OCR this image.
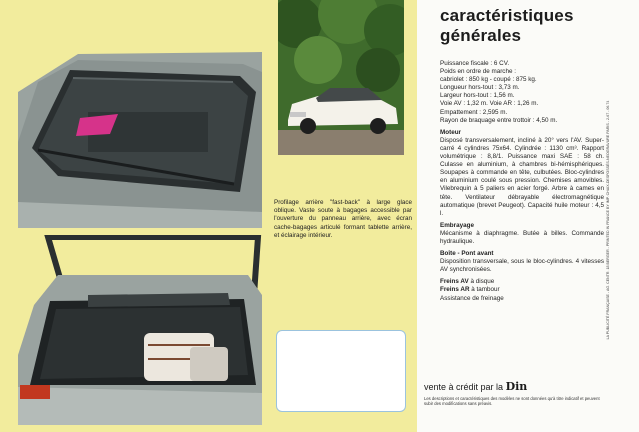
Profilage arrière "fast-back" à large glace oblique. Vaste soute à bagages accessible par l'ouverture du panneau arrière, avec écran cache-bagages articulé formant tablette arrière, et éclairage intérieur.
caractéristiques
générales
Puissance fiscale : 6 CV.
Poids en ordre de marche :
cabriolet : 850 kg - coupé : 875 kg.
Longueur hors-tout : 3,73 m.
Largeur hors-tout : 1,56 m.
Voie AV : 1,32 m. Voie AR : 1,26 m.
Empattement : 2,595 m.
Rayon de braquage entre trottoir : 4,50 m.
Moteur
Disposé transversalement, incliné à 20° vers l'AV. Super-carré 4 cylindres 75x64. Cylindrée : 1130 cm³. Rapport volumétrique : 8,8/1. Puissance maxi SAE : 58 ch. Culasse en aluminium, à chambres bi-hémisphériques. Soupapes à commande en tête, culbutées. Bloc-cylindres en aluminium coulé sous pression. Chemises amovibles. Vilebrequin à 5 paliers en acier forgé. Arbre à cames en tête. Ventilateur débrayable électromagnétique automatique (brevet Peugeot). Capacité huile moteur : 4,5 l.
Embrayage
Mécanisme à diaphragme. Butée à billes. Commande hydraulique.
Boîte - Pont avant
Disposition transversale, sous le bloc-cylindres. 4 vitesses AV synchronisées.
Freins AV à disque
Freins AR à tambour
Assistance de freinage
vente à crédit par la Din
Les descriptions et caractéristiques des modèles ne sont données qu'à titre indicatif et peuvent subir des modifications sans préavis.
LA PUBLICITÉ FRANÇAISE - AG. CENTR. 18 BERGER - PRINTED IN FRANCE BY IMP. CHAIX-DESFOSSÉS-NEOGRAVURE PARIS - 2-67 - 06.74
